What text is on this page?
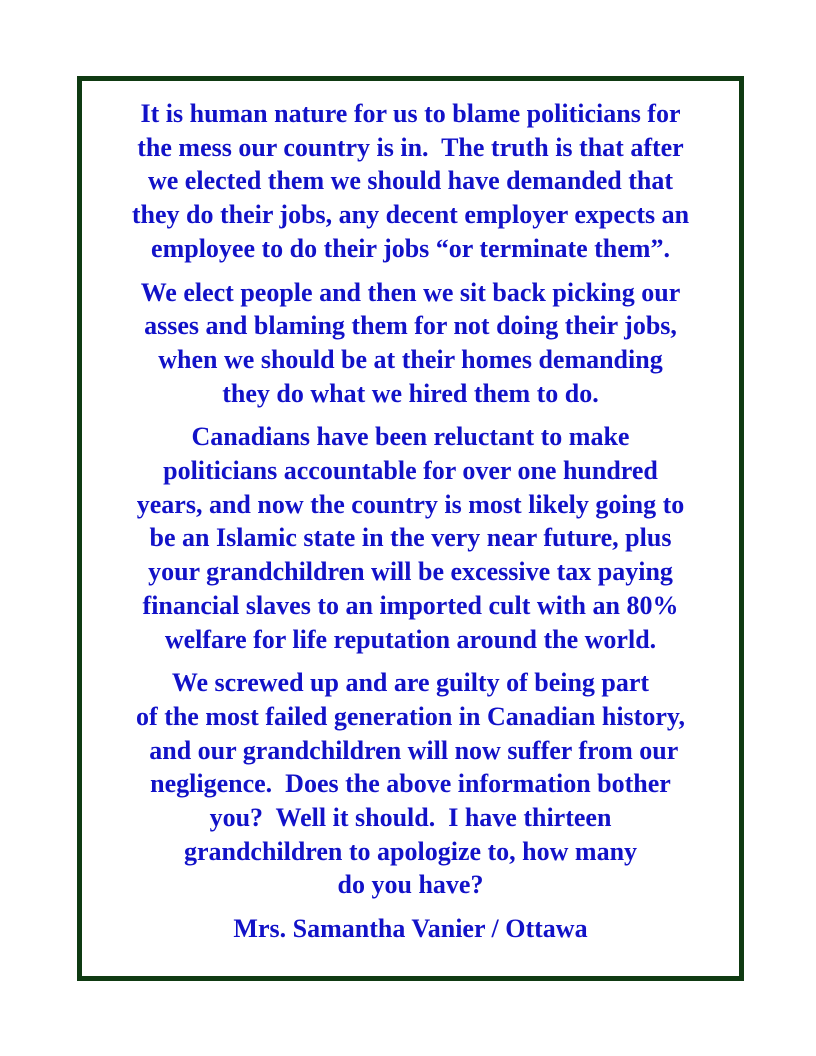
It is human nature for us to blame politicians for
the mess our country is in.  The truth is that after
we elected them we should have demanded that
they do their jobs, any decent employer expects an
employee to do their jobs “or terminate them”.
We elect people and then we sit back picking our
asses and blaming them for not doing their jobs,
when we should be at their homes demanding
they do what we hired them to do.
Canadians have been reluctant to make
politicians accountable for over one hundred
years, and now the country is most likely going to
be an Islamic state in the very near future, plus
your grandchildren will be excessive tax paying
financial slaves to an imported cult with an 80%
welfare for life reputation around the world.
We screwed up and are guilty of being part
of the most failed generation in Canadian history,
and our grandchildren will now suffer from our
negligence.  Does the above information bother
you?  Well it should.  I have thirteen
grandchildren to apologize to, how many
do you have?
Mrs. Samantha Vanier / Ottawa
